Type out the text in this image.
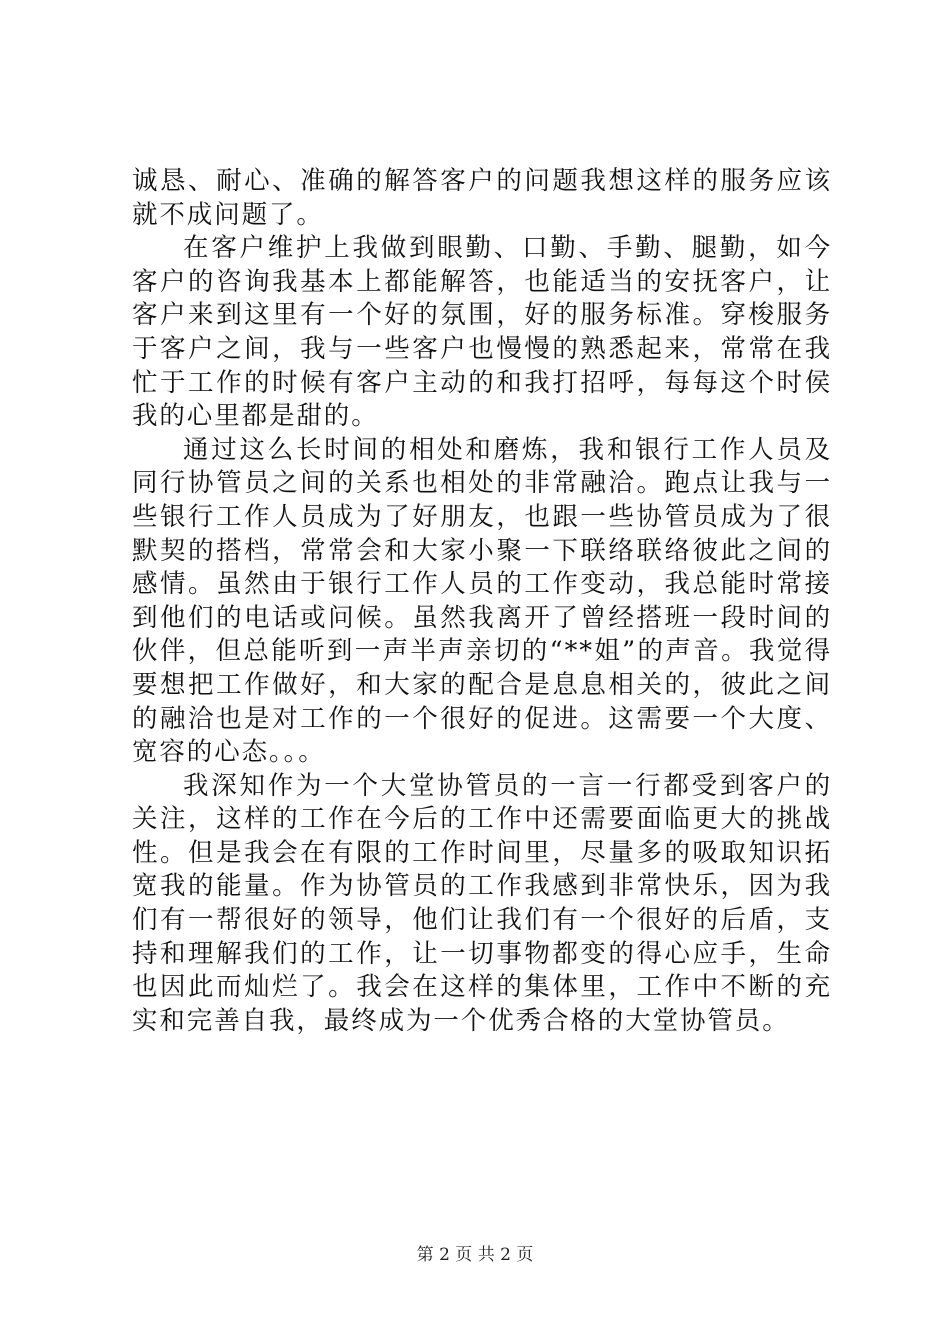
诚恳、耐心、准确的解答客户的问题我想这样的服务应该就不成问题了。

在客户维护上我做到眼勤、口勤、手勤、腿勤，如今客户的咨询我基本上都能解答，也能适当的安抚客户，让客户来到这里有一个好的氛围，好的服务标准。穿梭服务于客户之间，我与一些客户也慢慢的熟悉起来，常常在我忙于工作的时候有客户主动的和我打招呼，每每这个时侯我的心里都是甜的。

通过这么长时间的相处和磨炼，我和银行工作人员及同行协管员之间的关系也相处的非常融洽。跑点让我与一些银行工作人员成为了好朋友，也跟一些协管员成为了很默契的搭档，常常会和大家小聚一下联络联络彼此之间的感情。虽然由于银行工作人员的工作变动，我总能时常接到他们的电话或问候。虽然我离开了曾经搭班一段时间的伙伴，但总能听到一声半声亲切的“**姐”的声音。我觉得要想把工作做好，和大家的配合是息息相关的，彼此之间的融洽也是对工作的一个很好的促进。这需要一个大度、宽容的心态。。。

我深知作为一个大堂协管员的一言一行都受到客户的关注，这样的工作在今后的工作中还需要面临更大的挑战性。但是我会在有限的工作时间里，尽量多的吸取知识拓宽我的能量。作为协管员的工作我感到非常快乐，因为我们有一帮很好的领导，他们让我们有一个很好的后盾，支持和理解我们的工作，让一切事物都变的得心应手，生命也因此而灿烂了。我会在这样的集体里，工作中不断的充实和完善自我，最终成为一个优秀合格的大堂协管员。

第 2 页 共 2 页
